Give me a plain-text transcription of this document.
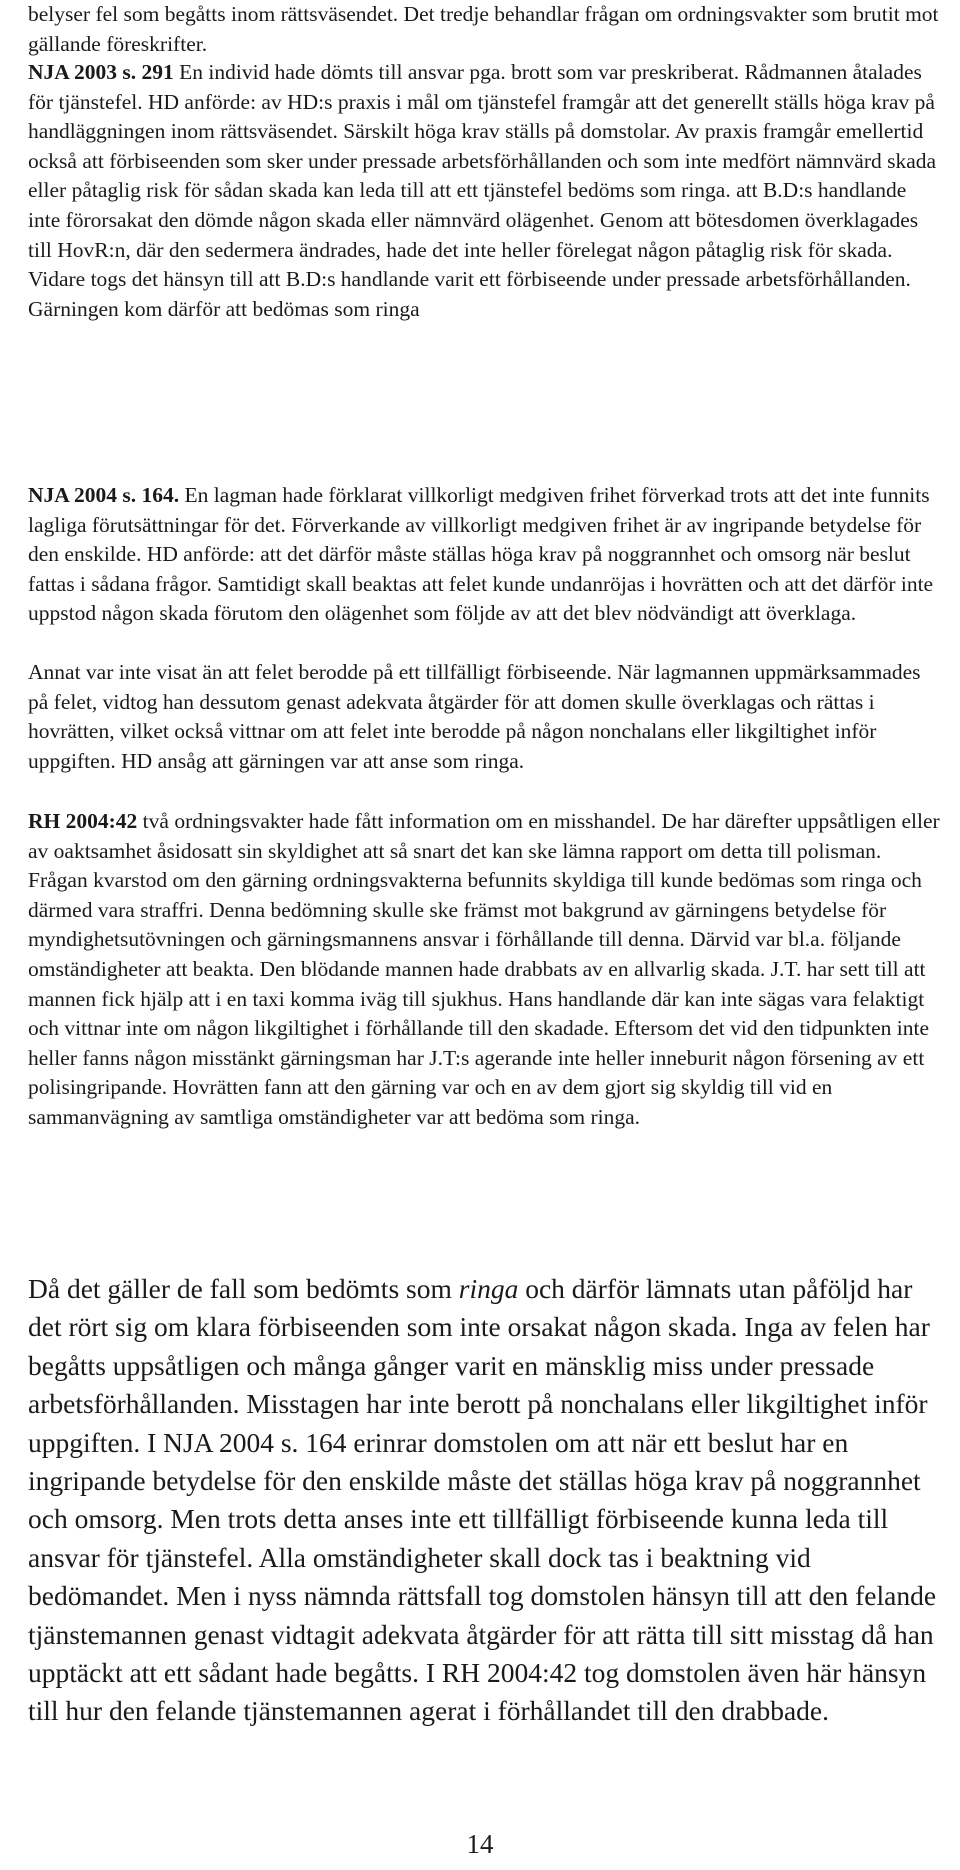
belyser fel som begåtts inom rättsväsendet. Det tredje behandlar frågan om ordningsvakter som brutit mot gällande föreskrifter.

NJA 2003 s. 291 En individ hade dömts till ansvar pga. brott som var preskriberat. Rådmannen åtalades för tjänstefel. HD anförde: av HD:s praxis i mål om tjänstefel framgår att det generellt ställs höga krav på handläggningen inom rättsväsendet. Särskilt höga krav ställs på domstolar. Av praxis framgår emellertid också att förbiseenden som sker under pressade arbetsförhållanden och som inte medfört nämnvärd skada eller påtaglig risk för sådan skada kan leda till att ett tjänstefel bedöms som ringa. att B.D:s handlande inte förorsakat den dömde någon skada eller nämnvärd olägenhet. Genom att bötesdomen överklagades till HovR:n, där den sedermera ändrades, hade det inte heller förelegat någon påtaglig risk för skada. Vidare togs det hänsyn till att B.D:s handlande varit ett förbiseende under pressade arbetsförhållanden. Gärningen kom därför att bedömas som ringa

NJA 2004 s. 164. En lagman hade förklarat villkorligt medgiven frihet förverkad trots att det inte funnits lagliga förutsättningar för det. Förverkande av villkorligt medgiven frihet är av ingripande betydelse för den enskilde. HD anförde: att det därför måste ställas höga krav på noggrannhet och omsorg när beslut fattas i sådana frågor. Samtidigt skall beaktas att felet kunde undanröjas i hovrätten och att det därför inte uppstod någon skada förutom den olägenhet som följde av att det blev nödvändigt att överklaga.

Annat var inte visat än att felet berodde på ett tillfälligt förbiseende. När lagmannen uppmärksammades på felet, vidtog han dessutom genast adekvata åtgärder för att domen skulle överklagas och rättas i hovrätten, vilket också vittnar om att felet inte berodde på någon nonchalans eller likgiltighet inför uppgiften. HD ansåg att gärningen var att anse som ringa.

RH 2004:42 två ordningsvakter hade fått information om en misshandel. De har därefter uppsåtligen eller av oaktsamhet åsidosatt sin skyldighet att så snart det kan ske lämna rapport om detta till polisman. Frågan kvarstod om den gärning ordningsvakterna befunnits skyldiga till kunde bedömas som ringa och därmed vara straffri. Denna bedömning skulle ske främst mot bakgrund av gärningens betydelse för myndighetsutövningen och gärningsmannens ansvar i förhållande till denna. Därvid var bl.a. följande omständigheter att beakta. Den blödande mannen hade drabbats av en allvarlig skada. J.T. har sett till att mannen fick hjälp att i en taxi komma iväg till sjukhus. Hans handlande där kan inte sägas vara felaktigt och vittnar inte om någon likgiltighet i förhållande till den skadade. Eftersom det vid den tidpunkten inte heller fanns någon misstänkt gärningsman har J.T:s agerande inte heller inneburit någon försening av ett polisingripande. Hovrätten fann att den gärning var och en av dem gjort sig skyldig till vid en sammanvägning av samtliga omständigheter var att bedöma som ringa.

Då det gäller de fall som bedömts som ringa och därför lämnats utan påföljd har det rört sig om klara förbiseenden som inte orsakat någon skada. Inga av felen har begåtts uppsåtligen och många gånger varit en mänsklig miss under pressade arbetsförhållanden. Misstagen har inte berott på nonchalans eller likgiltighet inför uppgiften. I NJA 2004 s. 164 erinrar domstolen om att när ett beslut har en ingripande betydelse för den enskilde måste det ställas höga krav på noggrannhet och omsorg. Men trots detta anses inte ett tillfälligt förbiseende kunna leda till ansvar för tjänstefel. Alla omständigheter skall dock tas i beaktning vid bedömandet. Men i nyss nämnda rättsfall tog domstolen hänsyn till att den felande tjänstemannen genast vidtagit adekvata åtgärder för att rätta till sitt misstag då han upptäckt att ett sådant hade begåtts. I RH 2004:42 tog domstolen även här hänsyn till hur den felande tjänstemannen agerat i förhållandet till den drabbade.

14
